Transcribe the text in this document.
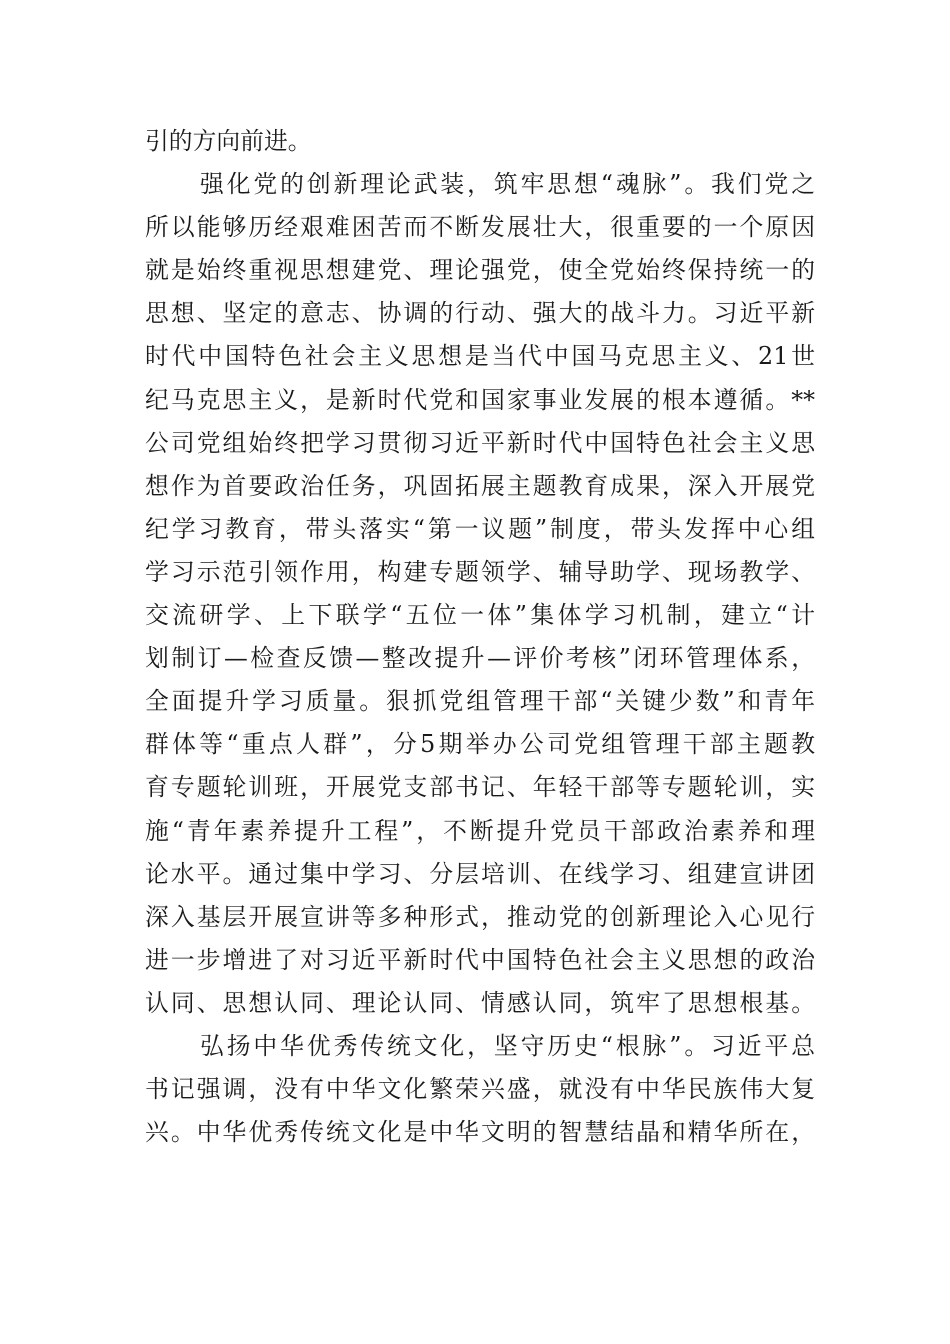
引的方向前进。
强化党的创新理论武装，筑牢思想“魂脉”。我们党之
所以能够历经艰难困苦而不断发展壮大，很重要的一个原因
就是始终重视思想建党、理论强党，使全党始终保持统一的
思想、坚定的意志、协调的行动、强大的战斗力。习近平新
时代中国特色社会主义思想是当代中国马克思主义、21世
纪马克思主义，是新时代党和国家事业发展的根本遵循。**
公司党组始终把学习贯彻习近平新时代中国特色社会主义思
想作为首要政治任务，巩固拓展主题教育成果，深入开展党
纪学习教育，带头落实“第一议题”制度，带头发挥中心组
学习示范引领作用，构建专题领学、辅导助学、现场教学、
交流研学、上下联学“五位一体”集体学习机制，建立“计
划制订—检查反馈—整改提升—评价考核”闭环管理体系，
全面提升学习质量。狠抓党组管理干部“关键少数”和青年
群体等“重点人群”，分5期举办公司党组管理干部主题教
育专题轮训班，开展党支部书记、年轻干部等专题轮训，实
施“青年素养提升工程”，不断提升党员干部政治素养和理
论水平。通过集中学习、分层培训、在线学习、组建宣讲团
深入基层开展宣讲等多种形式，推动党的创新理论入心见行
进一步增进了对习近平新时代中国特色社会主义思想的政治
认同、思想认同、理论认同、情感认同，筑牢了思想根基。
弘扬中华优秀传统文化，坚守历史“根脉”。习近平总
书记强调，没有中华文化繁荣兴盛，就没有中华民族伟大复
兴。中华优秀传统文化是中华文明的智慧结晶和精华所在，
